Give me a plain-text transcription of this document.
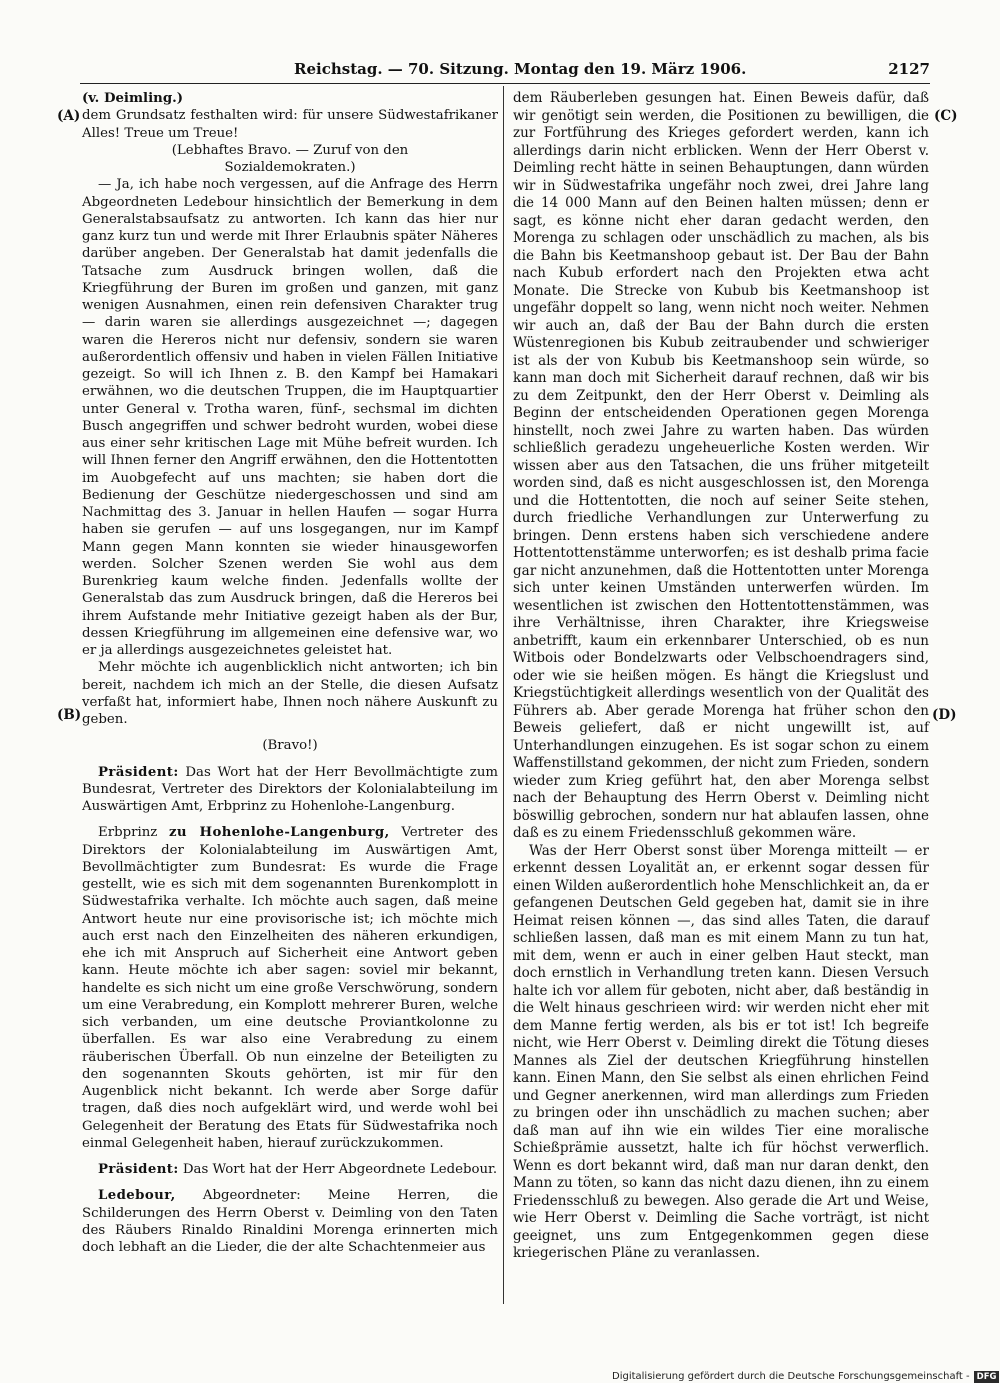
Reichstag. — 70. Sitzung. Montag den 19. März 1906.	2127
(A)
(B)
(C)
(D)

(v. Deimling.)

dem Grundsatz festhalten wird: für unsere Südwestafrikaner Alles! Treue um Treue!

(Lebhaftes Bravo. — Zuruf von den

Sozialdemokraten.)

— Ja, ich habe noch vergessen, auf die Anfrage des Herrn Abgeordneten Ledebour hinsichtlich der Bemerkung in dem Generalstabsaufsatz zu antworten. Ich kann das hier nur ganz kurz tun und werde mit Ihrer Erlaubnis später Näheres darüber angeben. Der Generalstab hat damit jedenfalls die Tatsache zum Ausdruck bringen wollen, daß die Kriegführung der Buren im großen und ganzen, mit ganz wenigen Ausnahmen, einen rein defensiven Charakter trug — darin waren sie allerdings ausgezeichnet —; dagegen waren die Hereros nicht nur defensiv, sondern sie waren außerordentlich offensiv und haben in vielen Fällen Initiative gezeigt. So will ich Ihnen z. B. den Kampf bei Hamakari erwähnen, wo die deutschen Truppen, die im Hauptquartier unter General v. Trotha waren, fünf-, sechsmal im dichten Busch angegriffen und schwer bedroht wurden, wobei diese aus einer sehr kritischen Lage mit Mühe befreit wurden. Ich will Ihnen ferner den Angriff erwähnen, den die Hottentotten im Auobgefecht auf uns machten; sie haben dort die Bedienung der Geschütze niedergeschossen und sind am Nachmittag des 3. Januar in hellen Haufen — sogar Hurra haben sie gerufen — auf uns losgegangen, nur im Kampf Mann gegen Mann konnten sie wieder hinausgeworfen werden. Solcher Szenen werden Sie wohl aus dem Burenkrieg kaum welche finden. Jedenfalls wollte der Generalstab das zum Ausdruck bringen, daß die Hereros bei ihrem Aufstande mehr Initiative gezeigt haben als der Bur, dessen Kriegführung im allgemeinen eine defensive war, wo er ja allerdings ausgezeichnetes geleistet hat.

Mehr möchte ich augenblicklich nicht antworten; ich bin bereit, nachdem ich mich an der Stelle, die diesen Aufsatz verfaßt hat, informiert habe, Ihnen noch nähere Auskunft zu geben.

(Bravo!)

Präsident: Das Wort hat der Herr Bevollmächtigte zum Bundesrat, Vertreter des Direktors der Kolonialabteilung im Auswärtigen Amt, Erbprinz zu Hohenlohe-Langenburg.

Erbprinz zu Hohenlohe-Langenburg, Vertreter des Direktors der Kolonialabteilung im Auswärtigen Amt, Bevollmächtigter zum Bundesrat: Es wurde die Frage gestellt, wie es sich mit dem sogenannten Burenkomplott in Südwestafrika verhalte. Ich möchte auch sagen, daß meine Antwort heute nur eine provisorische ist; ich möchte mich auch erst nach den Einzelheiten des näheren erkundigen, ehe ich mit Anspruch auf Sicherheit eine Antwort geben kann. Heute möchte ich aber sagen: soviel mir bekannt, handelte es sich nicht um eine große Verschwörung, sondern um eine Verabredung, ein Komplott mehrerer Buren, welche sich verbanden, um eine deutsche Proviantkolonne zu überfallen. Es war also eine Verabredung zu einem räuberischen Überfall. Ob nun einzelne der Beteiligten zu den sogenannten Skouts gehörten, ist mir für den Augenblick nicht bekannt. Ich werde aber Sorge dafür tragen, daß dies noch aufgeklärt wird, und werde wohl bei Gelegenheit der Beratung des Etats für Südwestafrika noch einmal Gelegenheit haben, hierauf zurückzukommen.

Präsident: Das Wort hat der Herr Abgeordnete Ledebour.

Ledebour, Abgeordneter: Meine Herren, die Schilderungen des Herrn Oberst v. Deimling von den Taten des Räubers Rinaldo Rinaldini Morenga erinnerten mich doch lebhaft an die Lieder, die der alte Schachtenmeier aus

dem Räuberleben gesungen hat. Einen Beweis dafür, daß wir genötigt sein werden, die Positionen zu bewilligen, die zur Fortführung des Krieges gefordert werden, kann ich allerdings darin nicht erblicken. Wenn der Herr Oberst v. Deimling recht hätte in seinen Behauptungen, dann würden wir in Südwestafrika ungefähr noch zwei, drei Jahre lang die 14 000 Mann auf den Beinen halten müssen; denn er sagt, es könne nicht eher daran gedacht werden, den Morenga zu schlagen oder unschädlich zu machen, als bis die Bahn bis Keetmanshoop gebaut ist. Der Bau der Bahn nach Kubub erfordert nach den Projekten etwa acht Monate. Die Strecke von Kubub bis Keetmanshoop ist ungefähr doppelt so lang, wenn nicht noch weiter. Nehmen wir auch an, daß der Bau der Bahn durch die ersten Wüstenregionen bis Kubub zeitraubender und schwieriger ist als der von Kubub bis Keetmanshoop sein würde, so kann man doch mit Sicherheit darauf rechnen, daß wir bis zu dem Zeitpunkt, den der Herr Oberst v. Deimling als Beginn der entscheidenden Operationen gegen Morenga hinstellt, noch zwei Jahre zu warten haben. Das würden schließlich geradezu ungeheuerliche Kosten werden. Wir wissen aber aus den Tatsachen, die uns früher mitgeteilt worden sind, daß es nicht ausgeschlossen ist, den Morenga und die Hottentotten, die noch auf seiner Seite stehen, durch friedliche Verhandlungen zur Unterwerfung zu bringen. Denn erstens haben sich verschiedene andere Hottentottenstämme unterworfen; es ist deshalb prima facie gar nicht anzunehmen, daß die Hottentotten unter Morenga sich unter keinen Umständen unterwerfen würden. Im wesentlichen ist zwischen den Hottentottenstämmen, was ihre Verhältnisse, ihren Charakter, ihre Kriegsweise anbetrifft, kaum ein erkennbarer Unterschied, ob es nun Witbois oder Bondelzwarts oder Velbschoendragers sind, oder wie sie heißen mögen. Es hängt die Kriegslust und Kriegstüchtigkeit allerdings wesentlich von der Qualität des Führers ab. Aber gerade Morenga hat früher schon den Beweis geliefert, daß er nicht ungewillt ist, auf Unterhandlungen einzugehen. Es ist sogar schon zu einem Waffenstillstand gekommen, der nicht zum Frieden, sondern wieder zum Krieg geführt hat, den aber Morenga selbst nach der Behauptung des Herrn Oberst v. Deimling nicht böswillig gebrochen, sondern nur hat ablaufen lassen, ohne daß es zu einem Friedensschluß gekommen wäre.

Was der Herr Oberst sonst über Morenga mitteilt — er erkennt dessen Loyalität an, er erkennt sogar dessen für einen Wilden außerordentlich hohe Menschlichkeit an, da er gefangenen Deutschen Geld gegeben hat, damit sie in ihre Heimat reisen können —, das sind alles Taten, die darauf schließen lassen, daß man es mit einem Mann zu tun hat, mit dem, wenn er auch in einer gelben Haut steckt, man doch ernstlich in Verhandlung treten kann. Diesen Versuch halte ich vor allem für geboten, nicht aber, daß beständig in die Welt hinaus geschrieen wird: wir werden nicht eher mit dem Manne fertig werden, als bis er tot ist! Ich begreife nicht, wie Herr Oberst v. Deimling direkt die Tötung dieses Mannes als Ziel der deutschen Kriegführung hinstellen kann. Einen Mann, den Sie selbst als einen ehrlichen Feind und Gegner anerkennen, wird man allerdings zum Frieden zu bringen oder ihn unschädlich zu machen suchen; aber daß man auf ihn wie ein wildes Tier eine moralische Schießprämie aussetzt, halte ich für höchst verwerflich. Wenn es dort bekannt wird, daß man nur daran denkt, den Mann zu töten, so kann das nicht dazu dienen, ihn zu einem Friedensschluß zu bewegen. Also gerade die Art und Weise, wie Herr Oberst v. Deimling die Sache vorträgt, ist nicht geeignet, uns zum Entgegenkommen gegen diese kriegerischen Pläne zu veranlassen.

Digitalisierung gefördert durch die Deutsche Forschungsgemeinschaft - DFG
